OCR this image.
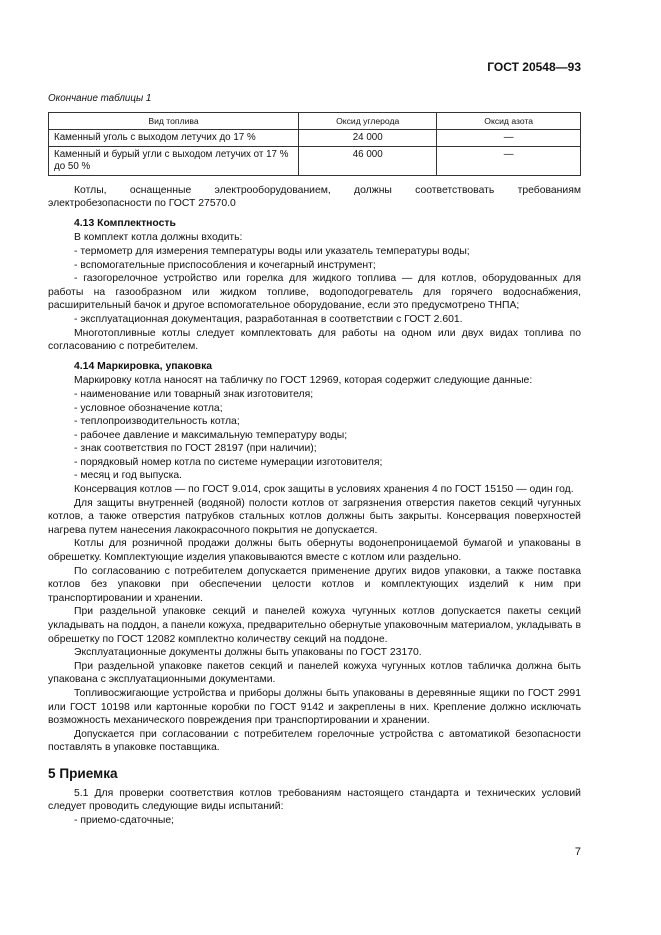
ГОСТ 20548—93
Окончание таблицы 1
Вид топлива	Оксид углерода	Оксид азота
Каменный уголь с выходом летучих до 17 %	24 000	—
Каменный и бурый угли с выходом летучих от 17 % до 50 %	46 000	—

Котлы, оснащенные электрооборудованием, должны соответствовать требованиям электробезопасности по ГОСТ 27570.0

4.13 Комплектность

В комплект котла должны входить:

- термометр для измерения температуры воды или указатель температуры воды;

- вспомогательные приспособления и кочегарный инструмент;

- газогорелочное устройство или горелка для жидкого топлива — для котлов, оборудованных для работы на газообразном или жидком топливе, водоподогреватель для горячего водоснабжения, расширительный бачок и другое вспомогательное оборудование, если это предусмотрено ТНПА;

- эксплуатационная документация, разработанная в соответствии с ГОСТ 2.601.

Многотопливные котлы следует комплектовать для работы на одном или двух видах топлива по согласованию с потребителем.

4.14 Маркировка, упаковка

Маркировку котла наносят на табличку по ГОСТ 12969, которая содержит следующие данные:

- наименование или товарный знак изготовителя;

- условное обозначение котла;

- теплопроизводительность котла;

- рабочее давление и максимальную температуру воды;

- знак соответствия по ГОСТ 28197 (при наличии);

- порядковый номер котла по системе нумерации изготовителя;

- месяц и год выпуска.

Консервация котлов — по ГОСТ 9.014, срок защиты в условиях хранения 4 по ГОСТ 15150 — один год.

Для защиты внутренней (водяной) полости котлов от загрязнения отверстия пакетов секций чугунных котлов, а также отверстия патрубков стальных котлов должны быть закрыты. Консервация поверхностей нагрева путем нанесения лакокрасочного покрытия не допускается.

Котлы для розничной продажи должны быть обернуты водонепроницаемой бумагой и упакованы в обрешетку. Комплектующие изделия упаковываются вместе с котлом или раздельно.

По согласованию с потребителем допускается применение других видов упаковки, а также поставка котлов без упаковки при обеспечении целости котлов и комплектующих изделий к ним при транспортировании и хранении.

При раздельной упаковке секций и панелей кожуха чугунных котлов допускается пакеты секций укладывать на поддон, а панели кожуха, предварительно обернутые упаковочным материалом, укладывать в обрешетку по ГОСТ 12082 комплектно количеству секций на поддоне.

Эксплуатационные документы должны быть упакованы по ГОСТ 23170.

При раздельной упаковке пакетов секций и панелей кожуха чугунных котлов табличка должна быть упакована с эксплуатационными документами.

Топливосжигающие устройства и приборы должны быть упакованы в деревянные ящики по ГОСТ 2991 или ГОСТ 10198 или картонные коробки по ГОСТ 9142 и закреплены в них. Крепление должно исключать возможность механического повреждения при транспортировании и хранении.

Допускается при согласовании с потребителем горелочные устройства с автоматикой безопасности поставлять в упаковке поставщика.

5 Приемка

5.1 Для проверки соответствия котлов требованиям настоящего стандарта и технических условий следует проводить следующие виды испытаний:

- приемо-сдаточные;

7
